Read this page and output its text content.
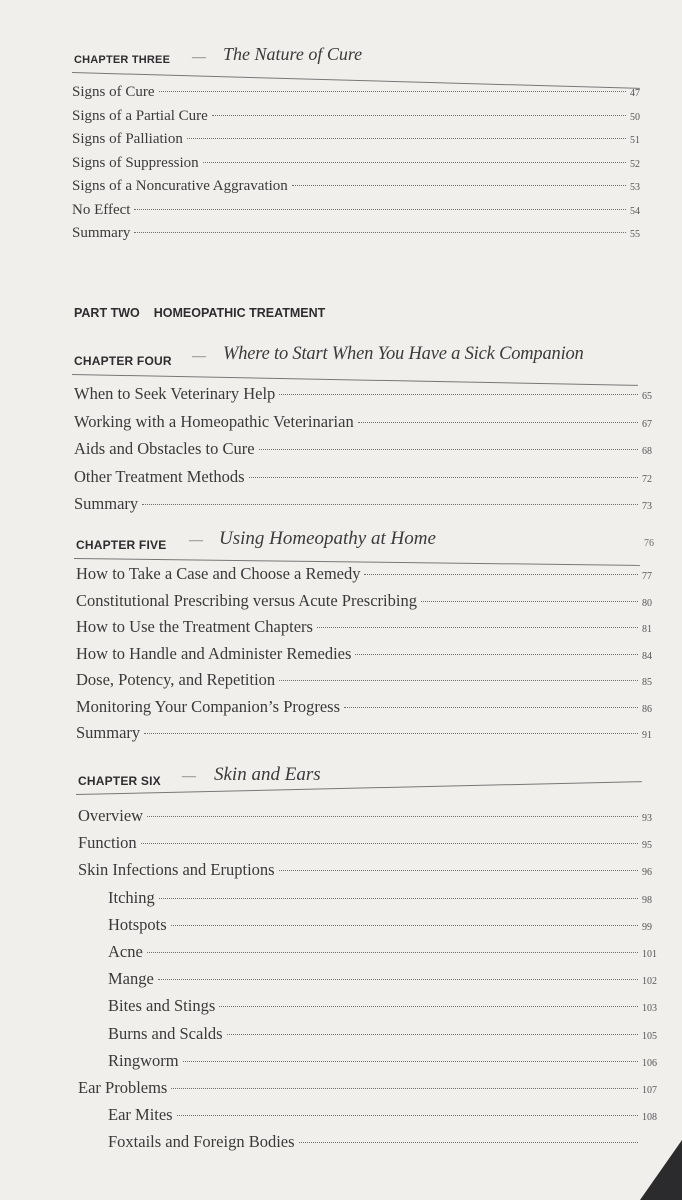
CHAPTER THREE — The Nature of Cure
Signs of Cure	47
Signs of a Partial Cure	50
Signs of Palliation	51
Signs of Suppression	52
Signs of a Noncurative Aggravation	53
No Effect	54
Summary	55
PART TWO HOMEOPATHIC TREATMENT
CHAPTER FOUR — Where to Start When You Have a Sick Companion
When to Seek Veterinary Help	65
Working with a Homeopathic Veterinarian	67
Aids and Obstacles to Cure	68
Other Treatment Methods	72
Summary	73
CHAPTER FIVE — Using Homeopathy at Home	76
How to Take a Case and Choose a Remedy	77
Constitutional Prescribing versus Acute Prescribing	80
How to Use the Treatment Chapters	81
How to Handle and Administer Remedies	84
Dose, Potency, and Repetition	85
Monitoring Your Companion’s Progress	86
Summary	91
CHAPTER SIX — Skin and Ears
Overview	93
Function	95
Skin Infections and Eruptions	96
Itching	98
Hotspots	99
Acne	101
Mange	102
Bites and Stings	103
Burns and Scalds	105
Ringworm	106
Ear Problems	107
Ear Mites	108
Foxtails and Foreign Bodies
